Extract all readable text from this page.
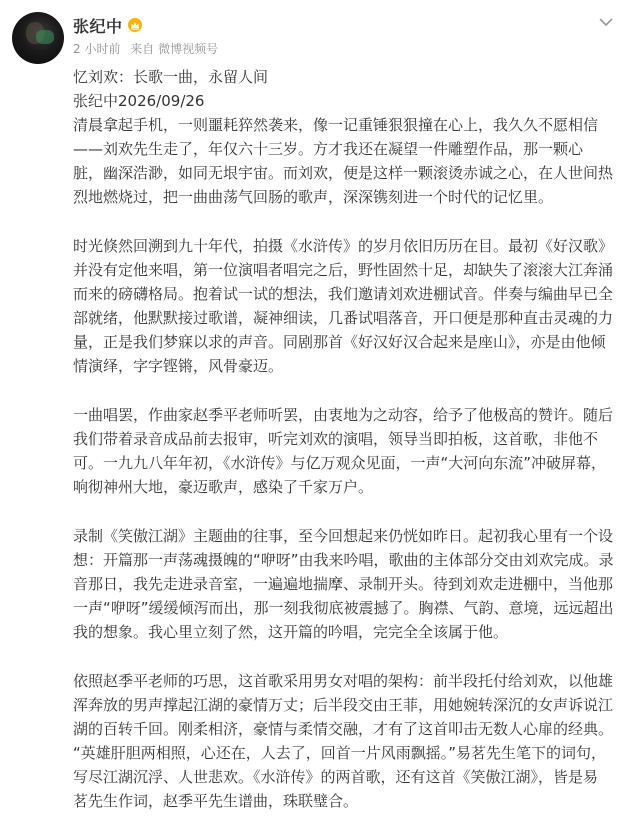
张纪中
2 小时前 来自 微博视频号

忆刘欢：长歌一曲，永留人间

张纪中2026/09/26

清晨拿起手机，一则噩耗猝然袭来，像一记重锤狠狠撞在心上，我久久不愿相信

——刘欢先生走了，年仅六十三岁。方才我还在凝望一件雕塑作品，那一颗心

脏，幽深浩渺，如同无垠宇宙。而刘欢，便是这样一颗滚烫赤诚之心，在人世间热

烈地燃烧过，把一曲曲荡气回肠的歌声，深深镌刻进一个时代的记忆里。

时光倏然回溯到九十年代，拍摄《水浒传》的岁月依旧历历在目。最初《好汉歌》

并没有定他来唱，第一位演唱者唱完之后，野性固然十足，却缺失了滚滚大江奔涌

而来的磅礴格局。抱着试一试的想法，我们邀请刘欢进棚试音。伴奏与编曲早已全

部就绪，他默默接过歌谱，凝神细读，几番试唱落音，开口便是那种直击灵魂的力

量，正是我们梦寐以求的声音。同剧那首《好汉好汉合起来是座山》，亦是由他倾

情演绎，字字铿锵，风骨豪迈。

一曲唱罢，作曲家赵季平老师听罢，由衷地为之动容，给予了他极高的赞许。随后

我们带着录音成品前去报审，听完刘欢的演唱，领导当即拍板，这首歌，非他不

可。一九九八年年初，《水浒传》与亿万观众见面，一声“大河向东流”冲破屏幕，

响彻神州大地，豪迈歌声，感染了千家万户。

录制《笑傲江湖》主题曲的往事，至今回想起来仍恍如昨日。起初我心里有一个设

想：开篇那一声荡魂摄魄的“咿呀”由我来吟唱，歌曲的主体部分交由刘欢完成。录

音那日，我先走进录音室，一遍遍地揣摩、录制开头。待到刘欢走进棚中，当他那

一声“咿呀”缓缓倾泻而出，那一刻我彻底被震撼了。胸襟、气韵、意境，远远超出

我的想象。我心里立刻了然，这开篇的吟唱，完完全全该属于他。

依照赵季平老师的巧思，这首歌采用男女对唱的架构：前半段托付给刘欢，以他雄

浑奔放的男声撑起江湖的豪情万丈；后半段交由王菲，用她婉转深沉的女声诉说江

湖的百转千回。刚柔相济，豪情与柔情交融，才有了这首叩击无数人心扉的经典。

“英雄肝胆两相照，心还在，人去了，回首一片风雨飘摇。”易茗先生笔下的词句，

写尽江湖沉浮、人世悲欢。《水浒传》的两首歌，还有这首《笑傲江湖》，皆是易

茗先生作词，赵季平先生谱曲，珠联璧合。
